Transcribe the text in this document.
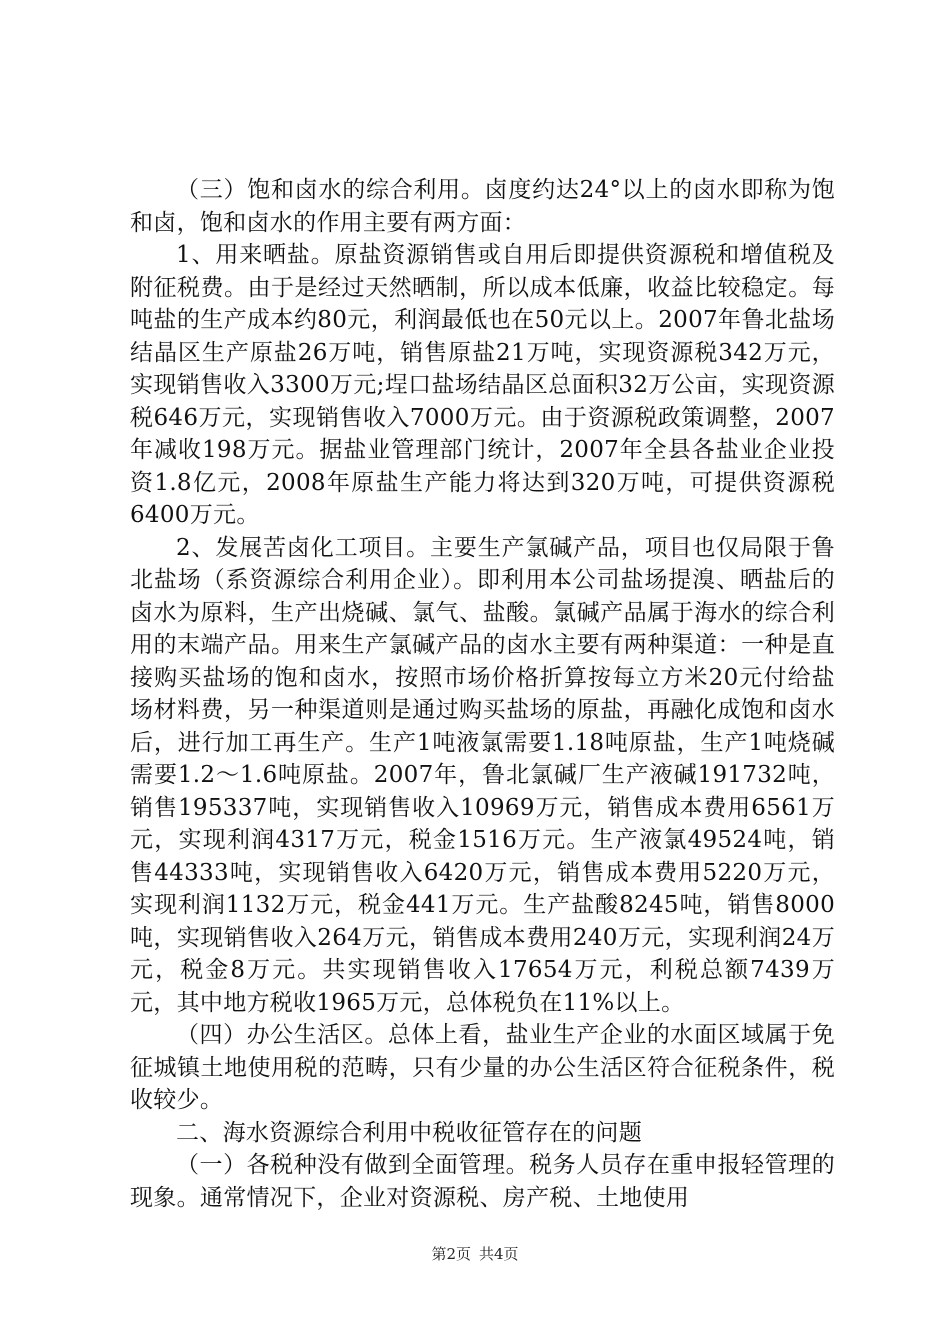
（三）饱和卤水的综合利用。卤度约达24°以上的卤水即称为饱和卤，饱和卤水的作用主要有两方面：

1、用来晒盐。原盐资源销售或自用后即提供资源税和增值税及附征税费。由于是经过天然晒制，所以成本低廉，收益比较稳定。每吨盐的生产成本约80元，利润最低也在50元以上。2007年鲁北盐场结晶区生产原盐26万吨，销售原盐21万吨，实现资源税342万元，实现销售收入3300万元;埕口盐场结晶区总面积32万公亩，实现资源税646万元，实现销售收入7000万元。由于资源税政策调整，2007年减收198万元。据盐业管理部门统计，2007年全县各盐业企业投资1.8亿元，2008年原盐生产能力将达到320万吨，可提供资源税6400万元。

2、发展苦卤化工项目。主要生产氯碱产品，项目也仅局限于鲁北盐场（系资源综合利用企业）。即利用本公司盐场提溴、晒盐后的卤水为原料，生产出烧碱、氯气、盐酸。氯碱产品属于海水的综合利用的末端产品。用来生产氯碱产品的卤水主要有两种渠道：一种是直接购买盐场的饱和卤水，按照市场价格折算按每立方米20元付给盐场材料费，另一种渠道则是通过购买盐场的原盐，再融化成饱和卤水后，进行加工再生产。生产1吨液氯需要1.18吨原盐，生产1吨烧碱需要1.2～1.6吨原盐。2007年，鲁北氯碱厂生产液碱191732吨，销售195337吨，实现销售收入10969万元，销售成本费用6561万元，实现利润4317万元，税金1516万元。生产液氯49524吨，销售44333吨，实现销售收入6420万元，销售成本费用5220万元，实现利润1132万元，税金441万元。生产盐酸8245吨，销售8000吨，实现销售收入264万元，销售成本费用240万元，实现利润24万元，税金8万元。共实现销售收入17654万元，利税总额7439万元，其中地方税收1965万元，总体税负在11%以上。

（四）办公生活区。总体上看，盐业生产企业的水面区域属于免征城镇土地使用税的范畴，只有少量的办公生活区符合征税条件，税收较少。

二、海水资源综合利用中税收征管存在的问题

（一）各税种没有做到全面管理。税务人员存在重申报轻管理的现象。通常情况下，企业对资源税、房产税、土地使用

第2页 共4页
